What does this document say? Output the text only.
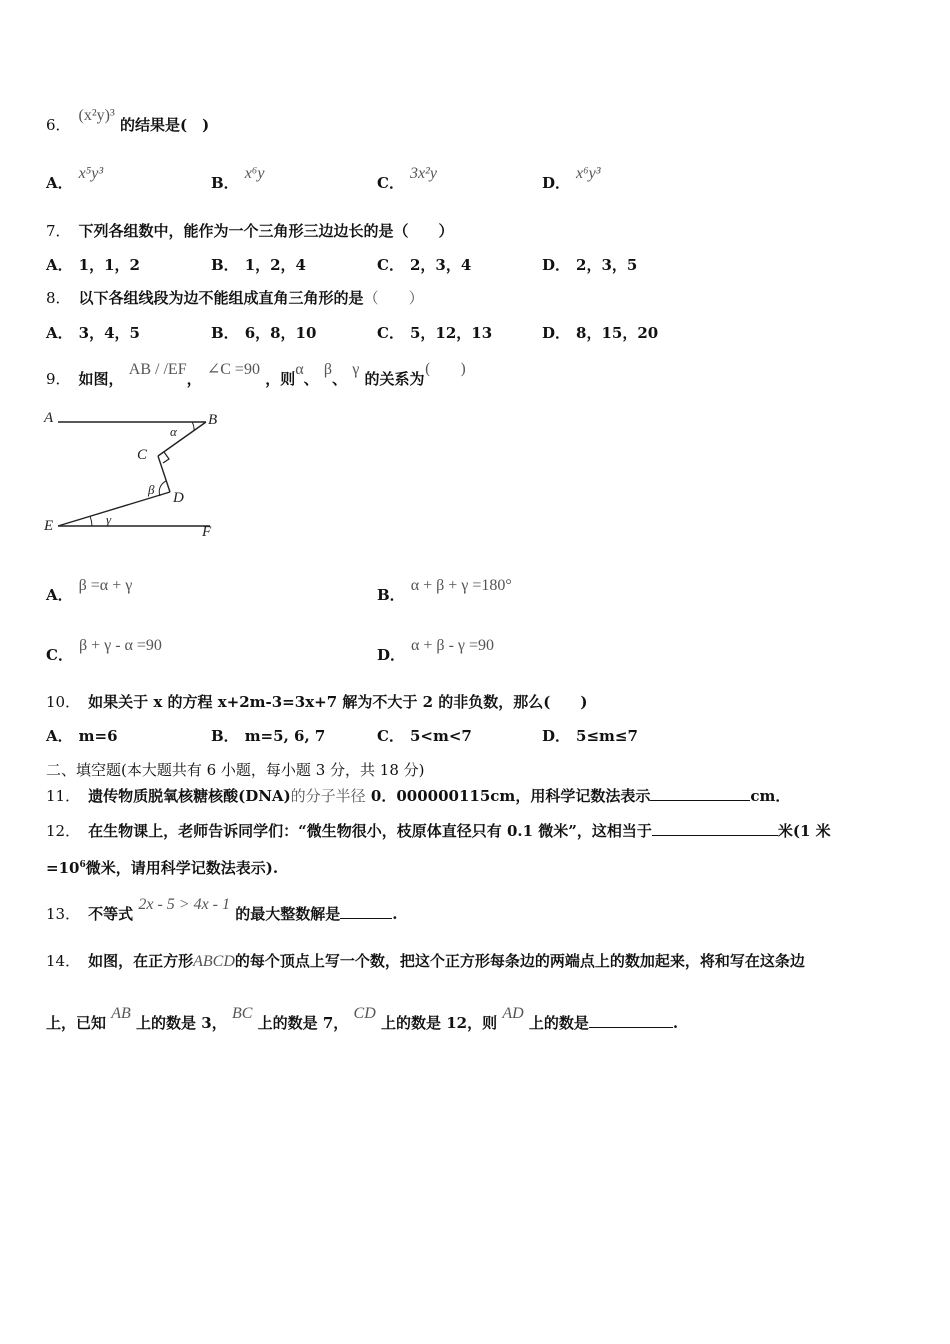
6．(x²y)³ 的结果是(　)
A．x⁵y³
B．x⁶y
C．3x²y
D．x⁶y³
7． 下列各组数中，能作为一个三角形三边边长的是（　　）
A． 1，1，2	B． 1，2，4	C． 2，3，4	D． 2，3，5
8． 以下各组线段为边不能组成直角三角形的是（　　）
A． 3，4，5	B． 6，8，10	C． 5，12，13	D． 8，15，20
9． 如图， AB / /EF， ∠C =90 ，则α、 β、 γ 的关系为(　　)
A	B
C
D
E	F
α
β
γ
A．β =α + γ
B．α + β + γ =180°
C．β + γ - α =90
D．α + β - γ =90
10． 如果关于 x 的方程 x+2m-3=3x+7 解为不大于 2 的非负数，那么(　　)
A． m=6	B． m=5, 6, 7	C． 5<m<7	D． 5≤m≤7
二、填空题(本大题共有 6 小题，每小题 3 分，共 18 分)
11． 遗传物质脱氧核糖核酸(DNA)的分子半径 0．000000115cm，用科学记数法表示	cm．
12． 在生物课上，老师告诉同学们：“微生物很小，枝原体直径只有 0.1 微米”，这相当于	米(1 米
$=10^6$微米，请用科学记数法表示).
13． 不等式 2x - 5 > 4x - 1 的最大整数解是	.
14． 如图，在正方形ABCD的每个顶点上写一个数，把这个正方形每条边的两端点上的数加起来，将和写在这条边
上，已知 AB 上的数是 3， BC 上的数是 7， CD 上的数是 12，则 AD 上的数是	.
